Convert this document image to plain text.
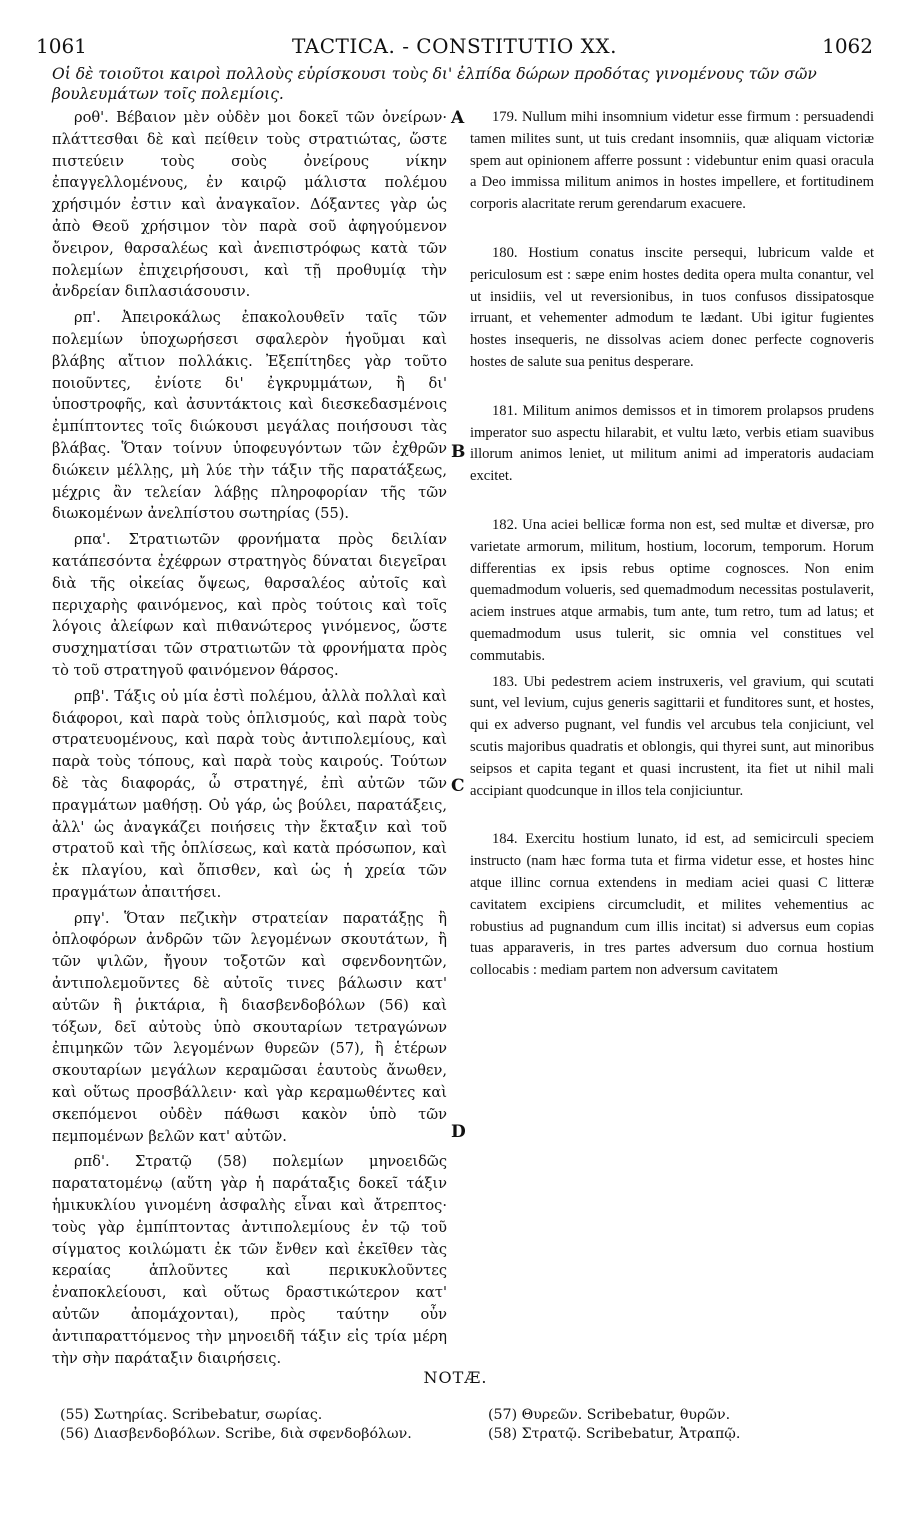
1061	TACTICA. - CONSTITUTIO XX.	1062
Οἱ δὲ τοιοῦτοι καιροὶ πολλοὺς εὑρίσκουσι τοὺς δι' ἐλπίδα δώρων προδότας γινομένους τῶν σῶν βουλευμάτων τοῖς πολεμίοις.

ροθ'. Βέβαιον μὲν οὐδὲν μοι δοκεῖ τῶν ὀνείρων· πλάττεσθαι δὲ καὶ πείθειν τοὺς στρατιώτας, ὥστε πιστεύειν τοὺς σοὺς ὀνείρους νίκην ἐπαγγελλομένους, ἐν καιρῷ μάλιστα πολέμου χρήσιμόν ἐστιν καὶ ἀναγκαῖον. Δόξαντες γὰρ ὡς ἀπὸ Θεοῦ χρήσιμον τὸν παρὰ σοῦ ἀφηγούμενον ὄνειρον, θαρσαλέως καὶ ἀνεπιστρόφως κατὰ τῶν πολεμίων ἐπιχειρήσουσι, καὶ τῇ προθυμίᾳ τὴν ἀνδρείαν διπλασιάσουσιν.

ρπ'. Ἀπειροκάλως ἐπακολουθεῖν ταῖς τῶν πολεμίων ὑποχωρήσεσι σφαλερὸν ἡγοῦμαι καὶ βλάβης αἴτιον πολλάκις. Ἐξεπίτηδες γὰρ τοῦτο ποιοῦντες, ἐνίοτε δι' ἐγκρυμμάτων, ἢ δι' ὑποστροφῆς, καὶ ἀσυντάκτοις καὶ διεσκεδασμένοις ἐμπίπτοντες τοῖς διώκουσι μεγάλας ποιήσουσι τὰς βλάβας. Ὅταν τοίνυν ὑποφευγόντων τῶν ἐχθρῶν διώκειν μέλλῃς, μὴ λύε τὴν τάξιν τῆς παρατάξεως, μέχρις ἂν τελείαν λάβῃς πληροφορίαν τῆς τῶν διωκομένων ἀνελπίστου σωτηρίας (55).

ρπα'. Στρατιωτῶν φρονήματα πρὸς δειλίαν κατάπεσόντα ἐχέφρων στρατηγὸς δύναται διεγεῖραι διὰ τῆς οἰκείας ὄψεως, θαρσαλέος αὐτοῖς καὶ περιχαρὴς φαινόμενος, καὶ πρὸς τούτοις καὶ τοῖς λόγοις ἀλείφων καὶ πιθανώτερος γινόμενος, ὥστε συσχηματίσαι τῶν στρατιωτῶν τὰ φρονήματα πρὸς τὸ τοῦ στρατηγοῦ φαινόμενον θάρσος.

ρπβ'. Τάξις οὐ μία ἐστὶ πολέμου, ἀλλὰ πολλαὶ καὶ διάφοροι, καὶ παρὰ τοὺς ὁπλισμούς, καὶ παρὰ τοὺς στρατευομένους, καὶ παρὰ τοὺς ἀντιπολεμίους, καὶ παρὰ τοὺς τόπους, καὶ παρὰ τοὺς καιρούς. Τούτων δὲ τὰς διαφοράς, ὦ στρατηγέ, ἐπὶ αὐτῶν τῶν πραγμάτων μαθήσῃ. Οὐ γάρ, ὡς βούλει, παρατάξεις, ἀλλ' ὡς ἀναγκάζει ποιήσεις τὴν ἔκταξιν καὶ τοῦ στρατοῦ καὶ τῆς ὁπλίσεως, καὶ κατὰ πρόσωπον, καὶ ἐκ πλαγίου, καὶ ὄπισθεν, καὶ ὡς ἡ χρεία τῶν πραγμάτων ἀπαιτήσει.

ρπγ'. Ὅταν πεζικὴν στρατείαν παρατάξῃς ἢ ὁπλοφόρων ἀνδρῶν τῶν λεγομένων σκουτάτων, ἢ τῶν ψιλῶν, ἤγουν τοξοτῶν καὶ σφενδονητῶν, ἀντιπολεμοῦντες δὲ αὐτοῖς τινες βάλωσιν κατ' αὐτῶν ἢ ῥικτάρια, ἢ διασβενδοβόλων (56) καὶ τόξων, δεῖ αὐτοὺς ὑπὸ σκουταρίων τετραγώνων ἐπιμηκῶν τῶν λεγομένων θυρεῶν (57), ἢ ἑτέρων σκουταρίων μεγάλων κεραμῶσαι ἑαυτοὺς ἄνωθεν, καὶ οὕτως προσβάλλειν· καὶ γὰρ κεραμωθέντες καὶ σκεπόμενοι οὐδὲν πάθωσι κακὸν ὑπὸ τῶν πεμπομένων βελῶν κατ' αὐτῶν.

ρπδ'. Στρατῷ (58) πολεμίων μηνοειδῶς παρατατομένῳ (αὕτη γὰρ ἡ παράταξις δοκεῖ τάξιν ἡμικυκλίου γινομένη ἀσφαλὴς εἶναι καὶ ἄτρεπτος· τοὺς γὰρ ἐμπίπτοντας ἀντιπολεμίους ἐν τῷ τοῦ σίγματος κοιλώματι ἐκ τῶν ἔνθεν καὶ ἐκεῖθεν τὰς κεραίας ἁπλοῦντες καὶ περικυκλοῦντες ἐναποκλείουσι, καὶ οὕτως δραστικώτερον κατ' αὐτῶν ἀπομάχονται), πρὸς ταύτην οὖν ἀντιπαραττόμενος τὴν μηνοειδῆ τάξιν εἰς τρία μέρη τὴν σὴν παράταξιν διαιρήσεις.

A
B
C
D

179. Nullum mihi insomnium videtur esse firmum : persuadendi tamen milites sunt, ut tuis credant insomniis, quæ aliquam victoriæ spem aut opinionem afferre possunt : videbuntur enim quasi oracula a Deo immissa militum animos in hostes impellere, et fortitudinem corporis alacritate rerum gerendarum exacuere.

180. Hostium conatus inscite persequi, lubricum valde et periculosum est : sæpe enim hostes dedita opera multa conantur, vel ut insidiis, vel ut reversionibus, in tuos confusos dissipatosque irruant, et vehementer admodum te lædant. Ubi igitur fugientes hostes insequeris, ne dissolvas aciem donec perfecte cognoveris hostes de salute sua penitus desperare.

181. Militum animos demissos et in timorem prolapsos prudens imperator suo aspectu hilarabit, et vultu læto, verbis etiam suavibus illorum animos leniet, ut militum animi ad imperatoris audaciam excitet.

182. Una aciei bellicæ forma non est, sed multæ et diversæ, pro varietate armorum, militum, hostium, locorum, temporum. Horum differentias ex ipsis rebus optime cognosces. Non enim quemadmodum volueris, sed quemadmodum necessitas postulaverit, aciem instrues atque armabis, tum ante, tum retro, tum ad latus; et quemadmodum usus tulerit, sic omnia vel constitues vel commutabis.

183. Ubi pedestrem aciem instruxeris, vel gravium, qui scutati sunt, vel levium, cujus generis sagittarii et funditores sunt, et hostes, qui ex adverso pugnant, vel fundis vel arcubus tela conjiciunt, vel scutis majoribus quadratis et oblongis, qui thyrei sunt, aut minoribus seipsos et capita tegant et quasi incrustent, ita fiet ut nihil mali accipiant quodcunque in illos tela conjiciuntur.

184. Exercitu hostium lunato, id est, ad semicirculi speciem instructo (nam hæc forma tuta et firma videtur esse, et hostes hinc atque illinc cornua extendens in mediam aciei quasi C litteræ cavitatem excipiens circumcludit, et milites vehementius ac robustius ad pugnandum cum illis incitat) si adversus eum copias tuas apparaveris, in tres partes adversum duo cornua hostium collocabis : mediam partem non adversum cavitatem

NOTÆ.
(55) Σωτηρίας. Scribebatur, σωρίας.
(56) Διασβενδοβόλων. Scribe, διὰ σφενδοβόλων.
(57) Θυρεῶν. Scribebatur, θυρῶν.
(58) Στρατῷ. Scribebatur, Ἀτραπῷ.
